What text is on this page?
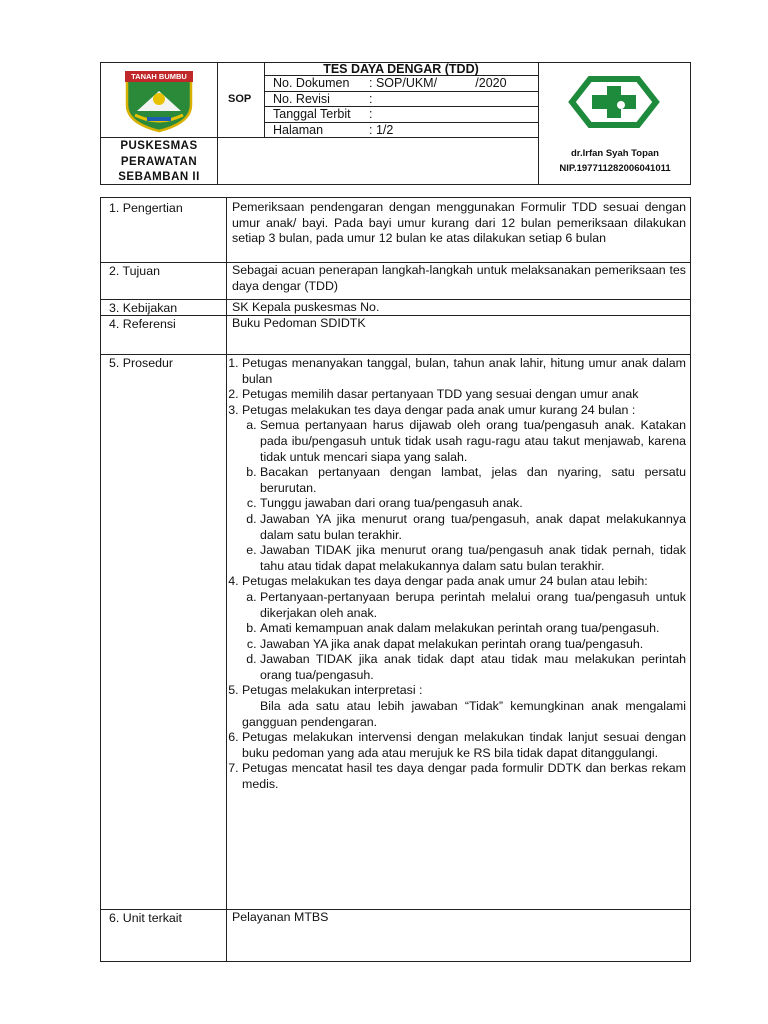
TANAH BUMBU
SOP
TES DAYA DENGAR (TDD)
No. Dokumen : SOP/UKM/           /2020
No. Revisi	:
Tanggal Terbit :
Halaman	: 1/2
PUSKESMAS
PERAWATAN
SEBAMBAN II
dr.Irfan Syah Topan
NIP.197711282006041011
1. Pengertian	Pemeriksaan pendengaran dengan menggunakan Formulir TDD sesuai dengan umur anak/ bayi. Pada bayi umur kurang dari 12 bulan pemeriksaan dilakukan setiap 3 bulan, pada umur 12 bulan ke atas dilakukan setiap 6 bulan
2. Tujuan	Sebagai acuan penerapan langkah-langkah untuk melaksanakan pemeriksaan tes daya dengar (TDD)
3. Kebijakan	SK Kepala puskesmas No.
4. Referensi	Buku Pedoman SDIDTK
5. Prosedur
1.	Petugas menanyakan tanggal, bulan, tahun anak lahir, hitung umur anak dalam bulan
2. Petugas memilih dasar pertanyaan TDD yang sesuai dengan umur anak
3. Petugas melakukan tes daya dengar pada anak umur kurang 24 bulan :
a. Semua pertanyaan harus dijawab oleh orang tua/pengasuh anak. Katakan pada ibu/pengasuh untuk tidak usah ragu-ragu atau takut menjawab, karena tidak untuk mencari siapa yang salah.
b. Bacakan pertanyaan dengan lambat, jelas dan nyaring, satu persatu berurutan.
c. Tunggu jawaban dari orang tua/pengasuh anak.
d. Jawaban YA jika menurut orang tua/pengasuh, anak dapat melakukannya dalam satu bulan terakhir.
e. Jawaban TIDAK jika menurut orang tua/pengasuh anak tidak pernah, tidak tahu atau tidak dapat melakukannya dalam satu bulan terakhir.
4. Petugas melakukan tes daya dengar pada anak umur 24 bulan atau lebih:
a. Pertanyaan-pertanyaan berupa perintah melalui orang tua/pengasuh untuk dikerjakan oleh anak.
b. Amati kemampuan anak dalam melakukan perintah orang tua/pengasuh.
c. Jawaban YA jika anak dapat melakukan perintah orang tua/pengasuh.
d. Jawaban TIDAK jika anak tidak dapt atau tidak mau melakukan perintah orang tua/pengasuh.
5. Petugas melakukan interpretasi :
Bila ada satu atau lebih jawaban “Tidak” kemungkinan anak mengalami gangguan pendengaran.
6. Petugas melakukan intervensi dengan melakukan tindak lanjut sesuai dengan buku pedoman yang ada atau merujuk ke RS bila tidak dapat ditanggulangi.
7. Petugas mencatat hasil tes daya dengar pada formulir DDTK dan berkas rekam medis.
6. Unit terkait	Pelayanan MTBS
